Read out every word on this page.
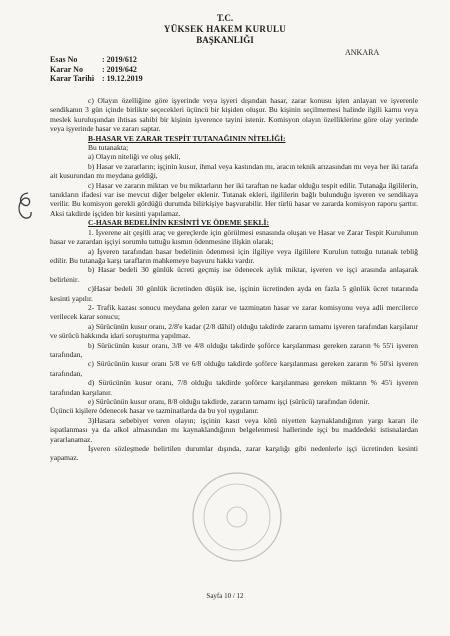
T.C.
YÜKSEK HAKEM KURULU
BAŞKANLIĞI
ANKARA
Esas No	: 2019/612
Karar No : 2019/642
Karar Tarihi : 19.12.2019

c) Olayın özelliğine göre işyerinde veya işyeri dışından hasar, zarar konusu işten anlayan ve işverenle sendikanın 3 gün içinde birlikte seçecekleri üçüncü bir kişiden oluşur. Bu kişinin seçilmemesi halinde ilgili kamu veya meslek kuruluşundan ihtisas sahibi bir kişinin işverence tayini istenir. Komisyon olayın özelliklerine göre olay yerinde veya işyerinde hasar ve zararı saptar.

B-HASAR VE ZARAR TESPİT TUTANAĞININ NİTELİĞİ:

Bu tutanakta;

a) Olayın niteliği ve oluş şekli,

b) Hasar ve zararların; işçinin kusur, ihmal veya kastından mı, aracın teknik arızasından mı veya her iki tarafa ait kusurundan mı meydana geldiği,

c) Hasar ve zararın miktarı ve bu miktarların her iki taraftan ne kadar olduğu tespit edilir. Tutanağa ilgililerin, tanıkların ifadesi var ise mevcut diğer belgeler eklenir. Tutanak ekleri, ilgililerin bağlı bulunduğu işveren ve sendikaya verilir. Bu komisyon gerekli gördüğü durumda bilirkişiye başvurabilir. Her türlü hasar ve zararda komisyon raporu şarttır. Aksi takdirde işçiden bir kesinti yapılamaz.

C-HASAR BEDELİNİN KESİNTİ VE ÖDEME ŞEKLİ:

1. İşverene ait çeşitli araç ve gereçlerde için görülmesi esnasında oluşan ve Hasar ve Zarar Tespit Kurulunun hasar ve zarardan işçiyi sorumlu tuttuğu kısmın ödenmesine ilişkin olarak;

a) İşveren tarafından hasar bedelinin ödenmesi için ilgiliye veya ilgililere Kurulun tuttuğu tutanak tebliğ edilir. Bu tutanağa karşı tarafların mahkemeye başvuru hakkı vardır.

b) Hasar bedeli 30 günlük ücreti geçmiş ise ödenecek aylık miktar, işveren ve işçi arasında anlaşarak belirlenir.

c)Hasar bedeli 30 günlük ücretinden düşük ise, işçinin ücretinden ayda en fazla 5 günlük ücret tutarında kesinti yapılır.

2- Trafik kazası sonucu meydana gelen zarar ve tazminatın hasar ve zarar komisyonu veya adli mercilerce verilecek karar sonucu;

a) Sürücünün kusur oranı, 2/8'e kadar (2/8 dâhil) olduğu takdirde zararın tamamı işveren tarafından karşılanır ve sürücü hakkında idari soruşturma yapılmaz.

b) Sürücünün kusur oranı, 3/8 ve 4/8 olduğu takdirde şoförce karşılanması gereken zararın % 55'i işveren tarafından,

c) Sürücünün kusur oranı 5/8 ve 6/8 olduğu takdirde şoförce karşılanması gereken zararın % 50'si işveren tarafından,

d) Sürücünün kusur oranı, 7/8 olduğu takdirde şoförce karşılanması gereken miktarın % 45'i işveren tarafından karşılanır.

e) Sürücünün kusur oranı, 8/8 olduğu takdirde, zararın tamamı işçi (sürücü) tarafından ödenir.

Üçüncü kişilere ödenecek hasar ve tazminatlarda da bu yol uygulanır.

3)Hasara sebebiyet veren olayın; işçinin kasıt veya kötü niyetten kaynaklandığının yargı kararı ile ispatlanması ya da alkol almasından mı kaynaklandığının belgelenmesi hallerinde işçi bu maddedeki istisnalardan yararlanamaz.

İşveren sözleşmede belirtilen durumlar dışında, zarar karşılığı gibi nedenlerle işçi ücretinden kesinti yapamaz.

Sayfa 10 / 12
